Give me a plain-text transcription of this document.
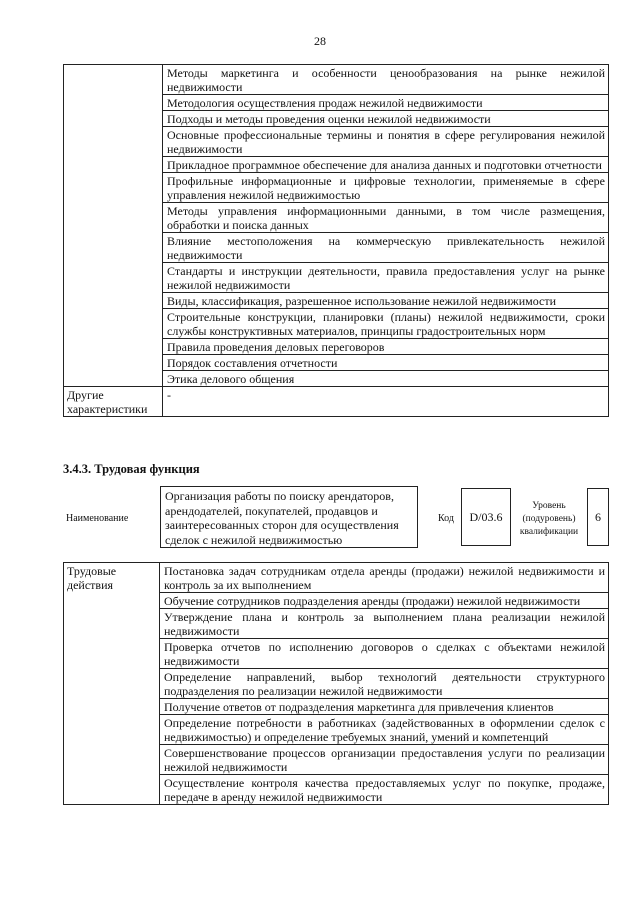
28
	Методы маркетинга и особенности ценообразования на рынке нежилой недвижимости
	Методология осуществления продаж нежилой недвижимости
	Подходы и методы проведения оценки нежилой недвижимости
	Основные профессиональные термины и понятия в сфере регулирования нежилой недвижимости
	Прикладное программное обеспечение для анализа данных и подготовки отчетности
	Профильные информационные и цифровые технологии, применяемые в сфере управления нежилой недвижимостью
	Методы управления информационными данными, в том числе размещения, обработки и поиска данных
	Влияние местоположения на коммерческую привлекательность нежилой недвижимости
	Стандарты и инструкции деятельности, правила предоставления услуг на рынке нежилой недвижимости
	Виды, классификация, разрешенное использование нежилой недвижимости
	Строительные конструкции, планировки (планы) нежилой недвижимости, сроки службы конструктивных материалов, принципы градостроительных норм
	Правила проведения деловых переговоров
	Порядок составления отчетности
	Этика делового общения
Другие характеристики	-
3.4.3. Трудовая функция
Наименование
Организация работы по поиску арендаторов, арендодателей, покупателей, продавцов и заинтересованных сторон для осуществления сделок с нежилой недвижимостью
Код	D/03.6
Уровень (подуровень) квалификации
6
Трудовые действия	Постановка задач сотрудникам отдела аренды (продажи) нежилой недвижимости и контроль за их выполнением
Обучение сотрудников подразделения аренды (продажи) нежилой недвижимости
Утверждение плана и контроль за выполнением плана реализации нежилой недвижимости
Проверка отчетов по исполнению договоров о сделках с объектами нежилой недвижимости
Определение направлений, выбор технологий деятельности структурного подразделения по реализации нежилой недвижимости
Получение ответов от подразделения маркетинга для привлечения клиентов
Определение потребности в работниках (задействованных в оформлении сделок с недвижимостью) и определение требуемых знаний, умений и компетенций
Совершенствование процессов организации предоставления услуги по реализации нежилой недвижимости
Осуществление контроля качества предоставляемых услуг по покупке, продаже, передаче в аренду нежилой недвижимости
